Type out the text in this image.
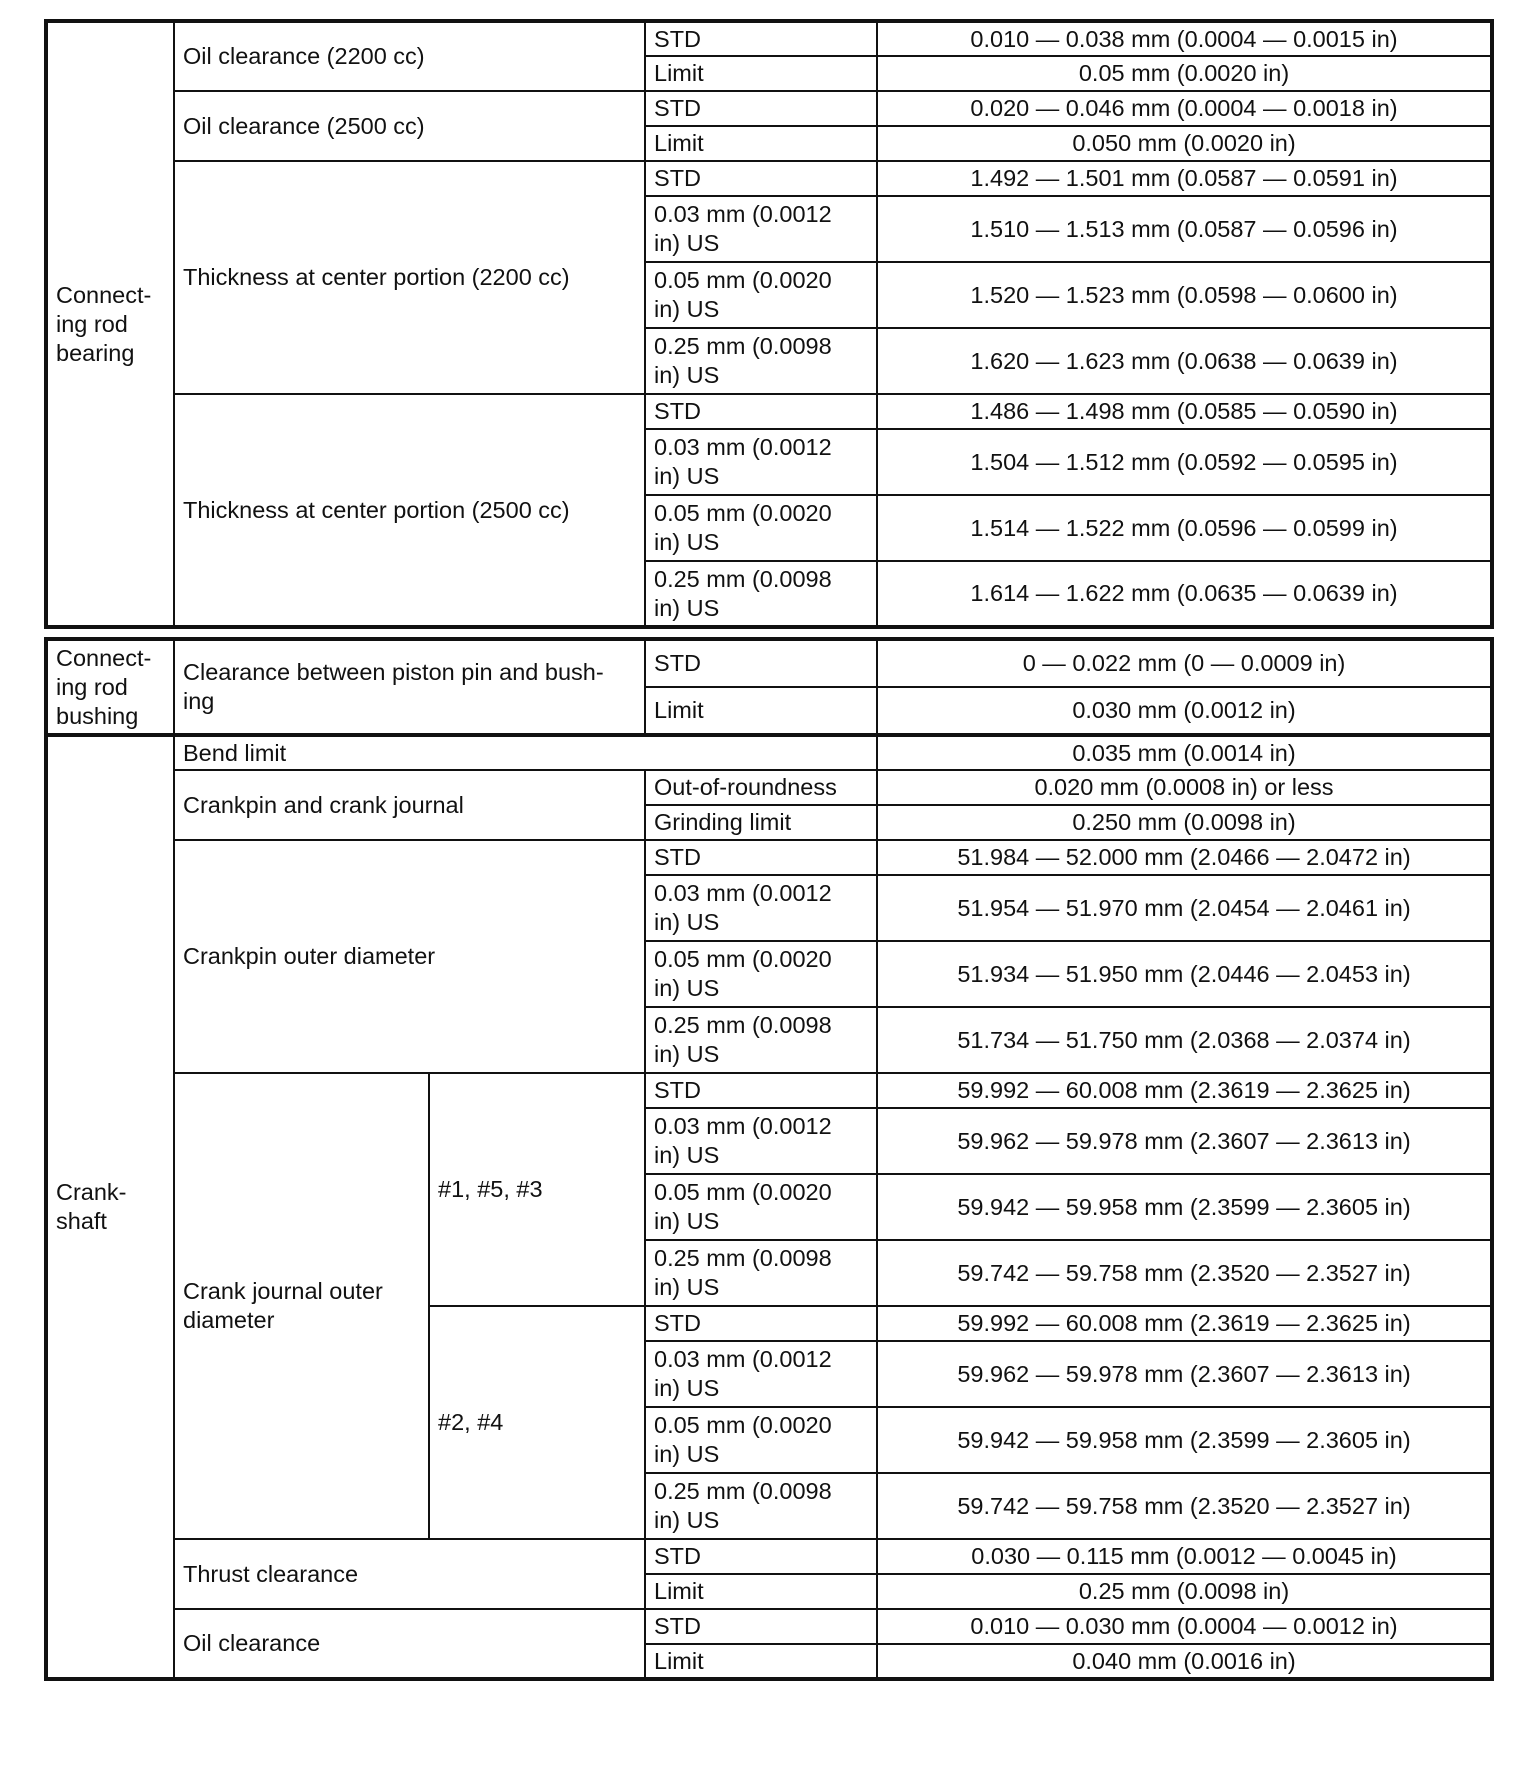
Connect-
ing rod
bearing	Oil clearance (2200 cc)	STD	0.010 — 0.038 mm (0.0004 — 0.0015 in)
		Limit	0.05 mm (0.0020 in)
	Oil clearance (2500 cc)	STD	0.020 — 0.046 mm (0.0004 — 0.0018 in)
		Limit	0.050 mm (0.0020 in)
	Thickness at center portion (2200 cc)	STD	1.492 — 1.501 mm (0.0587 — 0.0591 in)
		0.03 mm (0.0012
in) US	1.510 — 1.513 mm (0.0587 — 0.0596 in)
		0.05 mm (0.0020
in) US	1.520 — 1.523 mm (0.0598 — 0.0600 in)
		0.25 mm (0.0098
in) US	1.620 — 1.623 mm (0.0638 — 0.0639 in)
	Thickness at center portion (2500 cc)	STD	1.486 — 1.498 mm (0.0585 — 0.0590 in)
		0.03 mm (0.0012
in) US	1.504 — 1.512 mm (0.0592 — 0.0595 in)
		0.05 mm (0.0020
in) US	1.514 — 1.522 mm (0.0596 — 0.0599 in)
		0.25 mm (0.0098
in) US	1.614 — 1.622 mm (0.0635 — 0.0639 in)
Connect-
ing rod
bushing	Clearance between piston pin and bush-
ing	STD	0 — 0.022 mm (0 — 0.0009 in)
		Limit	0.030 mm (0.0012 in)
Crank-
shaft	Bend limit			0.035 mm (0.0014 in)
	Crankpin and crank journal		Out-of-roundness	0.020 mm (0.0008 in) or less
			Grinding limit	0.250 mm (0.0098 in)
	Crankpin outer diameter		STD	51.984 — 52.000 mm (2.0466 — 2.0472 in)
			0.03 mm (0.0012
in) US	51.954 — 51.970 mm (2.0454 — 2.0461 in)
			0.05 mm (0.0020
in) US	51.934 — 51.950 mm (2.0446 — 2.0453 in)
			0.25 mm (0.0098
in) US	51.734 — 51.750 mm (2.0368 — 2.0374 in)
	Crank journal outer
diameter	#1, #5, #3	STD	59.992 — 60.008 mm (2.3619 — 2.3625 in)
			0.03 mm (0.0012
in) US	59.962 — 59.978 mm (2.3607 — 2.3613 in)
			0.05 mm (0.0020
in) US	59.942 — 59.958 mm (2.3599 — 2.3605 in)
			0.25 mm (0.0098
in) US	59.742 — 59.758 mm (2.3520 — 2.3527 in)
		#2, #4	STD	59.992 — 60.008 mm (2.3619 — 2.3625 in)
			0.03 mm (0.0012
in) US	59.962 — 59.978 mm (2.3607 — 2.3613 in)
			0.05 mm (0.0020
in) US	59.942 — 59.958 mm (2.3599 — 2.3605 in)
			0.25 mm (0.0098
in) US	59.742 — 59.758 mm (2.3520 — 2.3527 in)
	Thrust clearance		STD	0.030 — 0.115 mm (0.0012 — 0.0045 in)
			Limit	0.25 mm (0.0098 in)
	Oil clearance		STD	0.010 — 0.030 mm (0.0004 — 0.0012 in)
			Limit	0.040 mm (0.0016 in)
